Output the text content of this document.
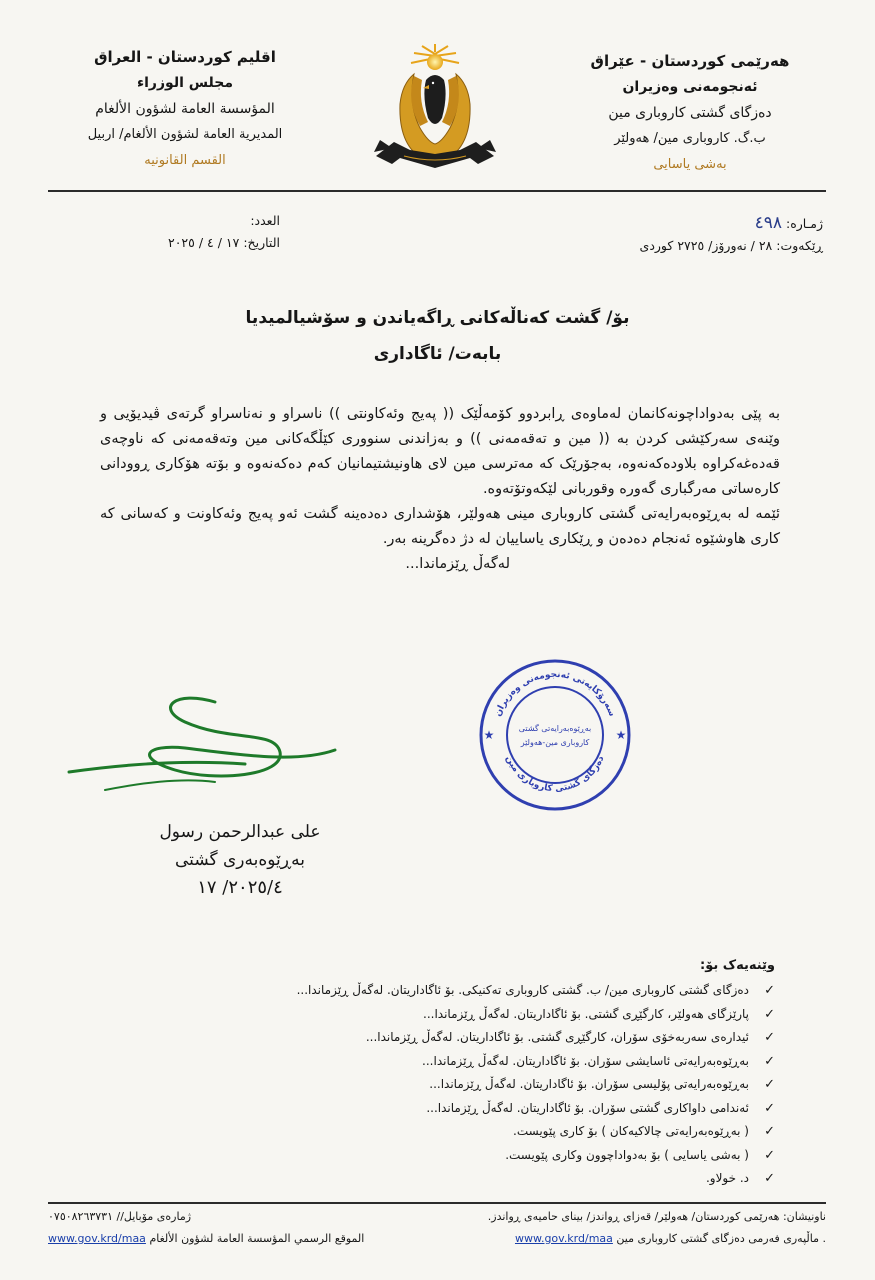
هەرێمی کوردستان - عێراق
ئەنجومەنی وەزیران
دەزگای گشتی کاروباری مین
ب.گ. کاروباری مین/ هەولێر
بەشی یاسایی
اقليم كوردستان - العراق
مجلس الوزراء
المؤسسة العامة لشؤون الألغام
المديرية العامة لشؤون الألغام/ اربيل
القسم القانونيه
ژمـارە: ٤٩٨
ڕێکەوت: ٢٨ / نەورۆز/ ٢٧٢٥ کوردی
العدد:
التاريخ: ١٧ / ٤ / ٢٠٢٥
بۆ/ گشت کەناڵەکانی ڕاگەیاندن و سۆشیالمیدیا
بابەت/ ئاگاداری

بە پێی بەدواداچونەکانمان لەماوەی ڕابردوو کۆمەڵێک (( پەیج وئەکاونتی )) ناسراو و نەناسراو گرتەی ڤیدیۆیی و وێنەی سەرکێشی کردن بە (( مین و تەقەمەنی )) و بەزاندنی سنووری کێڵگەکانی مین وتەقەمەنی کە ناوچەی قەدەغەکراوە بلاودەکەنەوە، بەجۆرێک کە مەترسی مین لای هاونیشتیمانیان کەم دەکەنەوە و بۆتە هۆکاری ڕوودانی کارەساتی مەرگباری گەورە وقوربانی لێکەوتۆتەوە.

ئێمە لە بەڕێوەبەرایەتی گشتی کاروباری مینی هەولێر، هۆشداری دەدەینە گشت ئەو پەیج وئەکاونت و کەسانی کە کاری هاوشێوە ئەنجام دەدەن و ڕێکاری یاساییان لە دژ دەگرینە بەر.

لەگەڵ ڕێزماندا...

سەرۆکایەتی ئەنجومەنی وەزیران
دەزگای گشتی کاروباری مین
بەڕێوەبەرایەتی گشتی
کاروباری مین-هەولێر
★	★
علی عبدالرحمن رسول
بەڕێوەبەری گشتی
٢٠٢٥/٤/ ١٧
وێنەیەک بۆ:
✓
دەزگای گشتی کاروباری مین/ ب. گشتی کاروباری تەکنیکی. بۆ ئاگاداریتان. لەگەڵ ڕێزماندا...
✓
پارێزگای هەولێر، کارگێڕی گشتی. بۆ ئاگاداریتان. لەگەڵ ڕێزماندا...
✓
ئیدارەی سەربەخۆی سۆران، کارگێڕی گشتی. بۆ ئاگاداریتان. لەگەڵ ڕێزماندا...
✓
بەڕێوەبەرایەتی ئاسایشی سۆران. بۆ ئاگاداریتان. لەگەڵ ڕێزماندا...
✓
بەڕێوەبەرایەتی پۆلیسی سۆران. بۆ ئاگاداریتان. لەگەڵ ڕێزماندا...
✓
ئەندامی داواکاری گشتی سۆران. بۆ ئاگاداریتان. لەگەڵ ڕێزماندا...
✓
( بەڕێوەبەرایەتی چالاکیەکان ) بۆ کاری پێویست.
✓
( بەشی یاسایی ) بۆ بەدواداچوون وکاری پێویست.
✓
د. خولاو.
ناونیشان: هەرێمی کوردستان/ هەولێر/ قەزای ڕواندز/ بیناى حامیەی ڕواندز.
ژمارەی مۆبایل// ٠٧٥٠٨٢٦٣٧٣١
. ماڵپەری فەرمی دەزگای گشتی کاروباری مین www.gov.krd/maa
الموقع الرسمي المؤسسة العامة لشؤون الألغام www.gov.krd/maa
